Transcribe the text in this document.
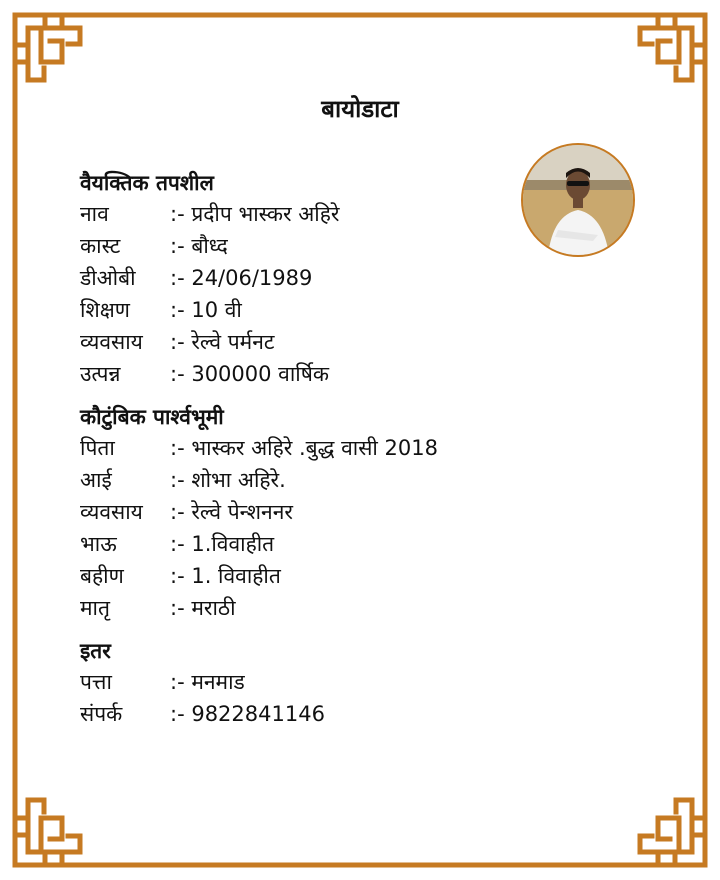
बायोडाटा
वैयक्तिक तपशील
नाव	:- प्रदीप भास्कर अहिरे
कास्ट	:- बौध्द
डीओबी	:- 24/06/1989
शिक्षण	:- 10 वी
व्यवसाय	:- रेल्वे पर्मनट
उत्पन्न	:- 300000 वार्षिक
कौटुंबिक पार्श्वभूमी
पिता	:- भास्कर अहिरे .बुद्ध वासी 2018
आई	:- शोभा अहिरे.
व्यवसाय	:- रेल्वे पेन्शननर
भाऊ	:- 1.विवाहीत
बहीण	:- 1. विवाहीत
मातृ	:- मराठी
इतर
पत्ता	:- मनमाड
संपर्क	:- 9822841146
